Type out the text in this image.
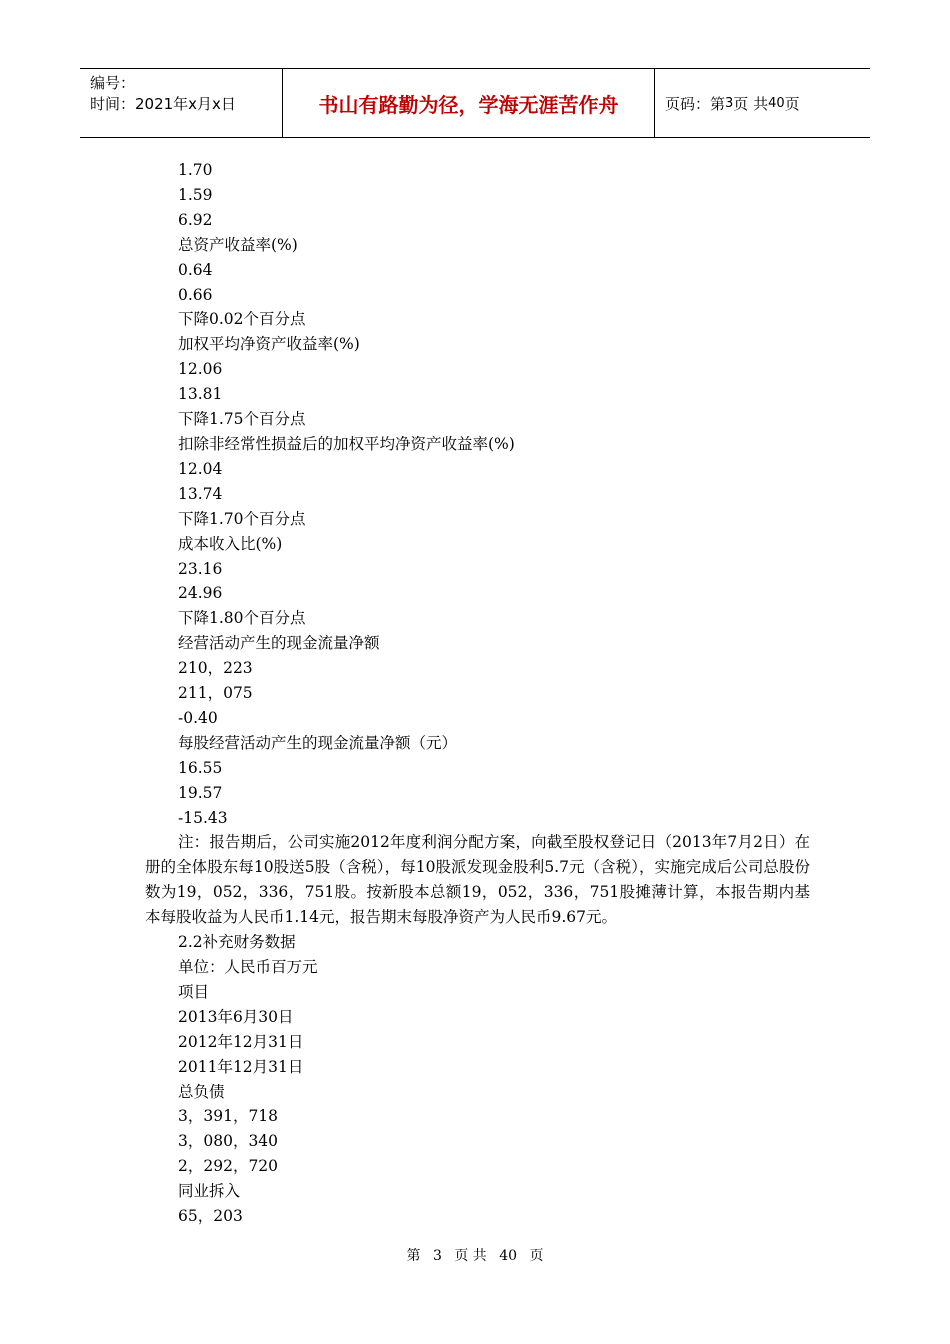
编号：
时间：2021年x月x日	书山有路勤为径，学海无涯苦作舟	页码：第 3 页 共 40 页
1.70
1.59
6.92
总资产收益率(%)
0.64
0.66
下降0.02个百分点
加权平均净资产收益率(%)
12.06
13.81
下降1.75个百分点
扣除非经常性损益后的加权平均净资产收益率(%)
12.04
13.74
下降1.70个百分点
成本收入比(%)
23.16
24.96
下降1.80个百分点
经营活动产生的现金流量净额
210，223
211，075
-0.40
每股经营活动产生的现金流量净额（元）
16.55
19.57
-15.43

注：报告期后，公司实施2012年度利润分配方案，向截至股权登记日（2013年7月2日）在册的全体股东每10股送5股（含税），每10股派发现金股利5.7元（含税），实施完成后公司总股份数为19，052，336，751股。按新股本总额19，052，336，751股摊薄计算，本报告期内基本每股收益为人民币1.14元，报告期末每股净资产为人民币9.67元。

2.2补充财务数据
单位：人民币百万元
项目
2013年6月30日
2012年12月31日
2011年12月31日
总负债
3，391，718
3，080，340
2，292，720
同业拆入
65，203
第 3 页 共 40 页
